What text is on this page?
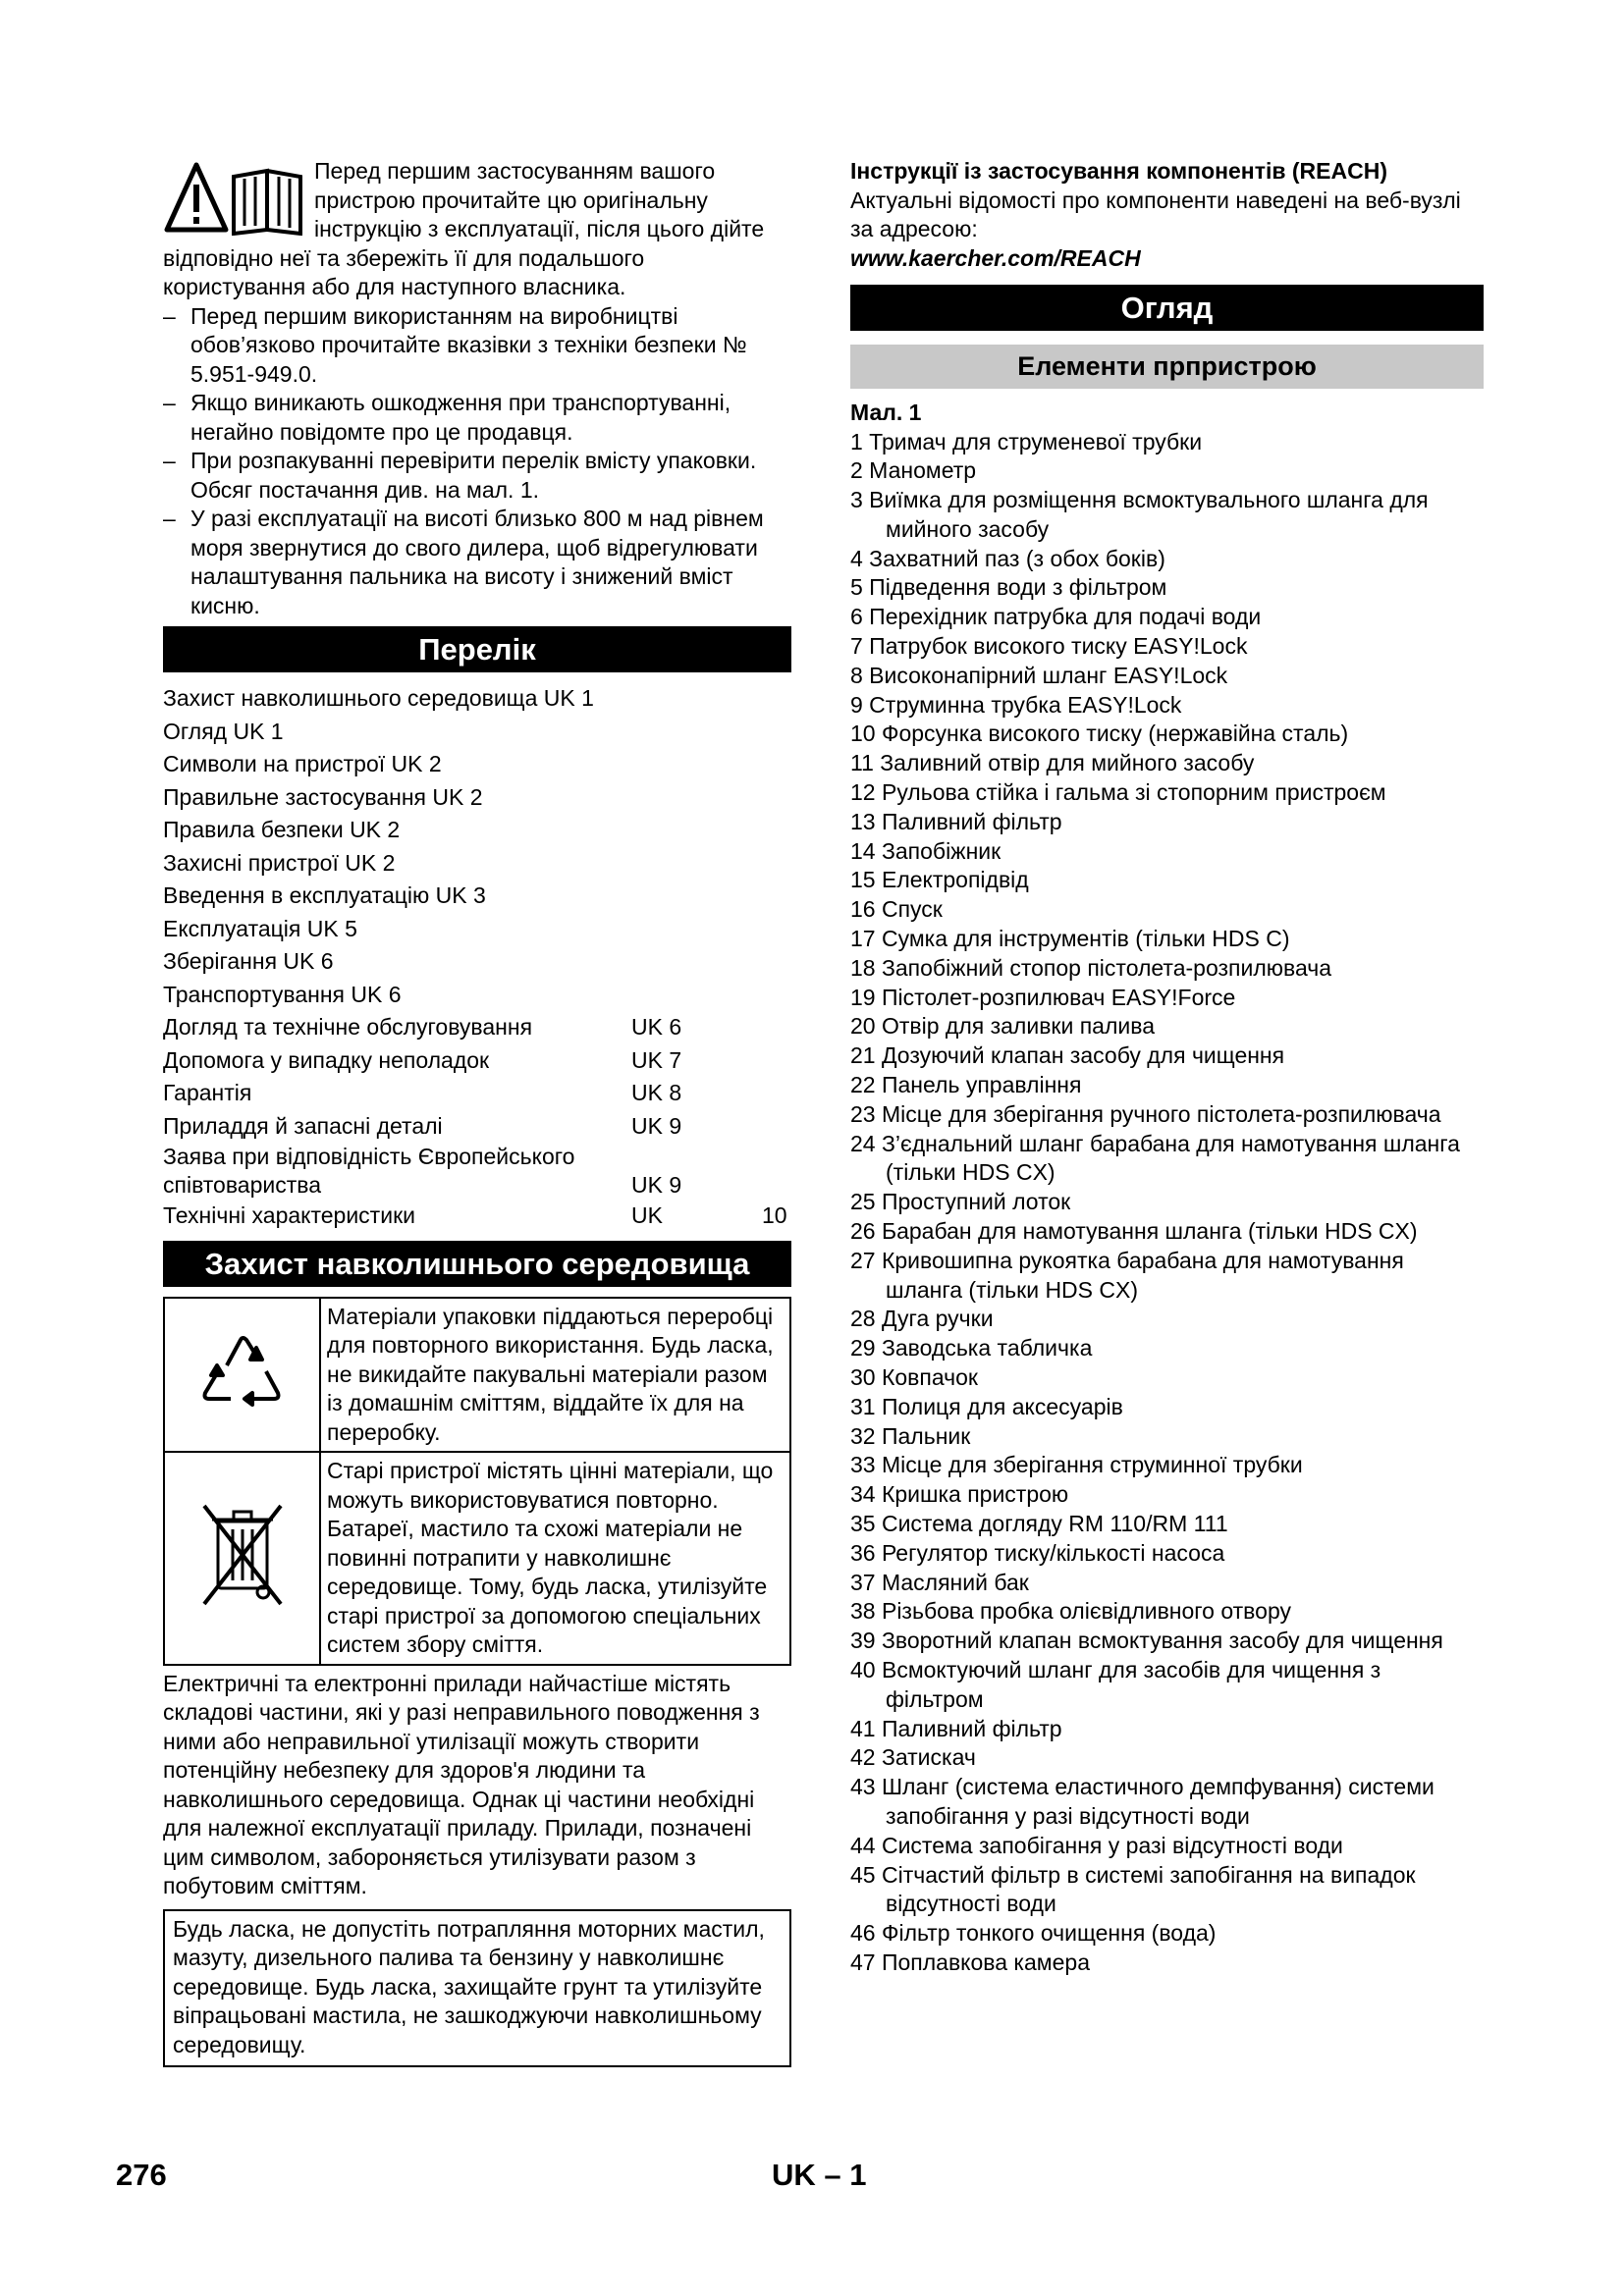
Перед першим застосуванням вашого пристрою прочитайте цю оригінальну інструкцію з експлуатації, після цього дійте відповідно неї та збережіть її для подальшого користування або для наступного власника.

– Перед першим використанням на виробництві обов’язково прочитайте вказівки з техніки безпеки № 5.951-949.0.
– Якщо виникають ошкодження при транспортуванні, негайно повідомте про це продавця.
– При розпакуванні перевірити перелік вмісту упаковки. Обсяг постачання див. на мал. 1.
– У разі експлуатації на висоті близько 800 м над рівнем моря звернутися до свого дилера, щоб відрегулювати налаштування пальника на висоту і знижений вміст кисню.
Перелік
Захист навколишнього середовища UK 1
Огляд UK 1
Символи на пристрої UK 2
Правильне застосування UK 2
Правила безпеки UK 2
Захисні пристрої UK 2
Введення в експлуатацію UK 3
Експлуатація UK 5
Зберігання UK 6
Транспортування UK 6
Догляд та технічне обслуговування	UK 6
Допомога у випадку неполадок	UK 7
Гарантія	UK 8
Приладдя й запасні деталі	UK 9
Заява при відповідність Європейського
співтовариства	UK 9
Технічні характеристики	UK	10
Захист навколишнього середовища
	Матеріали упаковки піддаються переробці для повторного використання. Будь ласка, не викидайте пакувальні матеріали разом із домашнім сміттям, віддайте їх для на переробку.
	Старі пристрої містять цінні матеріали, що можуть використовуватися повторно. Батареї, мастило та схожі матеріали не повинні потрапити у навколишнє середовище. Тому, будь ласка, утилізуйте старі пристрої за допомогою спеціальних систем збору сміття.

Електричні та електронні прилади найчастіше містять складові частини, які у разі неправильного поводження з ними або неправильної утилізації можуть створити потенційну небезпеку для здоров'я людини та навколишнього середовища. Однак ці частини необхідні для належної експлуатації приладу. Прилади, позначені цим символом, забороняється утилізувати разом з побутовим сміттям.

Будь ласка, не допустіть потрапляння моторних мастил, мазуту, дизельного палива та бензину у навколишнє середовище. Будь ласка, захищайте грунт та утилізуйте віпрацьовані мастила, не зашкоджуючи навколишньому середовищу.

Інструкції із застосування компонентів (REACH)

Актуальні відомості про компоненти наведені на веб-вузлі за адресою:

www.kaercher.com/REACH

Огляд
Елементи прпристрою

Мал. 1

1 Тримач для струменевої трубки
2 Манометр
3 Виїмка для розміщення всмоктувального шланга для мийного засобу
4 Захватний паз (з обох боків)
5 Підведення води з фільтром
6 Перехідник патрубка для подачі води
7 Патрубок високого тиску EASY!Lock
8 Високонапірний шланг EASY!Lock
9 Струминна трубка EASY!Lock
10 Форсунка високого тиску (нержавійна сталь)
11 Заливний отвір для мийного засобу
12 Рульова стійка і гальма зі стопорним пристроєм
13 Паливний фільтр
14 Запобіжник
15 Електропідвід
16 Спуск
17 Сумка для інструментів (тільки HDS C)
18 Запобіжний стопор пістолета-розпилювача
19 Пістолет-розпилювач EASY!Force
20 Отвір для заливки палива
21 Дозуючий клапан засобу для чищення
22 Панель управління
23 Місце для зберігання ручного пістолета-розпилювача
24 З’єднальний шланг барабана для намотування шланга (тільки HDS CX)
25 Проступний лоток
26 Барабан для намотування шланга (тільки HDS CX)
27 Кривошипна рукоятка барабана для намотування шланга (тільки HDS CX)
28 Дуга ручки
29 Заводська табличка
30 Ковпачок
31 Полиця для аксесуарів
32 Пальник
33 Місце для зберігання струминної трубки
34 Кришка пристрою
35 Система догляду RM 110/RM 111
36 Регулятор тиску/кількості насоса
37 Масляний бак
38 Різьбова пробка олієвідливного отвору
39 Зворотний клапан всмоктування засобу для чищення
40 Всмоктуючий шланг для засобів для чищення з фільтром
41 Паливний фільтр
42 Затискач
43 Шланг (система еластичного демпфування) системи запобігання у разі відсутності води
44 Система запобігання у разі відсутності води
45 Сітчастий фільтр в системі запобігання на випадок відсутності води
46 Фільтр тонкого очищення (вода)
47 Поплавкова камера
276	UK – 1
